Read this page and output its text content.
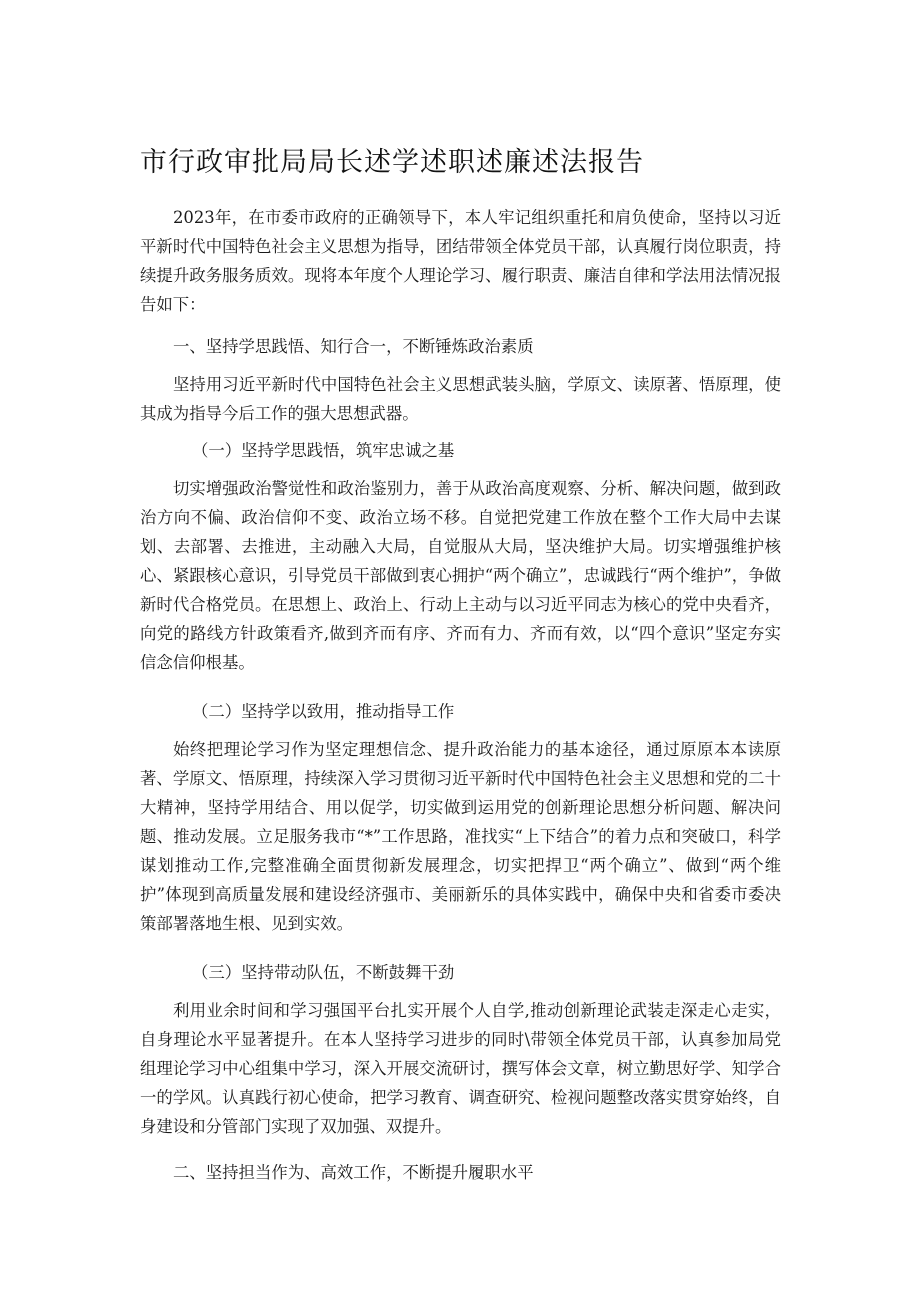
市行政审批局局长述学述职述廉述法报告

2023年，在市委市政府的正确领导下，本人牢记组织重托和肩负使命，坚持以习近平新时代中国特色社会主义思想为指导，团结带领全体党员干部，认真履行岗位职责，持续提升政务服务质效。现将本年度个人理论学习、履行职责、廉洁自律和学法用法情况报告如下：

一、坚持学思践悟、知行合一，不断锤炼政治素质

坚持用习近平新时代中国特色社会主义思想武装头脑，学原文、读原著、悟原理，使其成为指导今后工作的强大思想武器。

（一）坚持学思践悟，筑牢忠诚之基

切实增强政治警觉性和政治鉴别力，善于从政治高度观察、分析、解决问题，做到政治方向不偏、政治信仰不变、政治立场不移。自觉把党建工作放在整个工作大局中去谋划、去部署、去推进，主动融入大局，自觉服从大局，坚决维护大局。切实增强维护核心、紧跟核心意识，引导党员干部做到衷心拥护“两个确立”，忠诚践行“两个维护”，争做新时代合格党员。在思想上、政治上、行动上主动与以习近平同志为核心的党中央看齐，向党的路线方针政策看齐,做到齐而有序、齐而有力、齐而有效，以“四个意识”坚定夯实信念信仰根基。

（二）坚持学以致用，推动指导工作

始终把理论学习作为坚定理想信念、提升政治能力的基本途径，通过原原本本读原著、学原文、悟原理，持续深入学习贯彻习近平新时代中国特色社会主义思想和党的二十大精神，坚持学用结合、用以促学，切实做到运用党的创新理论思想分析问题、解决问题、推动发展。立足服务我市“*”工作思路，准找实“上下结合”的着力点和突破口，科学谋划推动工作,完整准确全面贯彻新发展理念，切实把捍卫“两个确立”、做到“两个维护”体现到高质量发展和建设经济强市、美丽新乐的具体实践中，确保中央和省委市委决策部署落地生根、见到实效。

（三）坚持带动队伍，不断鼓舞干劲

利用业余时间和学习强国平台扎实开展个人自学,推动创新理论武装走深走心走实，自身理论水平显著提升。在本人坚持学习进步的同时\带领全体党员干部，认真参加局党组理论学习中心组集中学习，深入开展交流研讨，撰写体会文章，树立勤思好学、知学合一的学风。认真践行初心使命，把学习教育、调查研究、检视问题整改落实贯穿始终，自身建设和分管部门实现了双加强、双提升。

二、坚持担当作为、高效工作，不断提升履职水平
